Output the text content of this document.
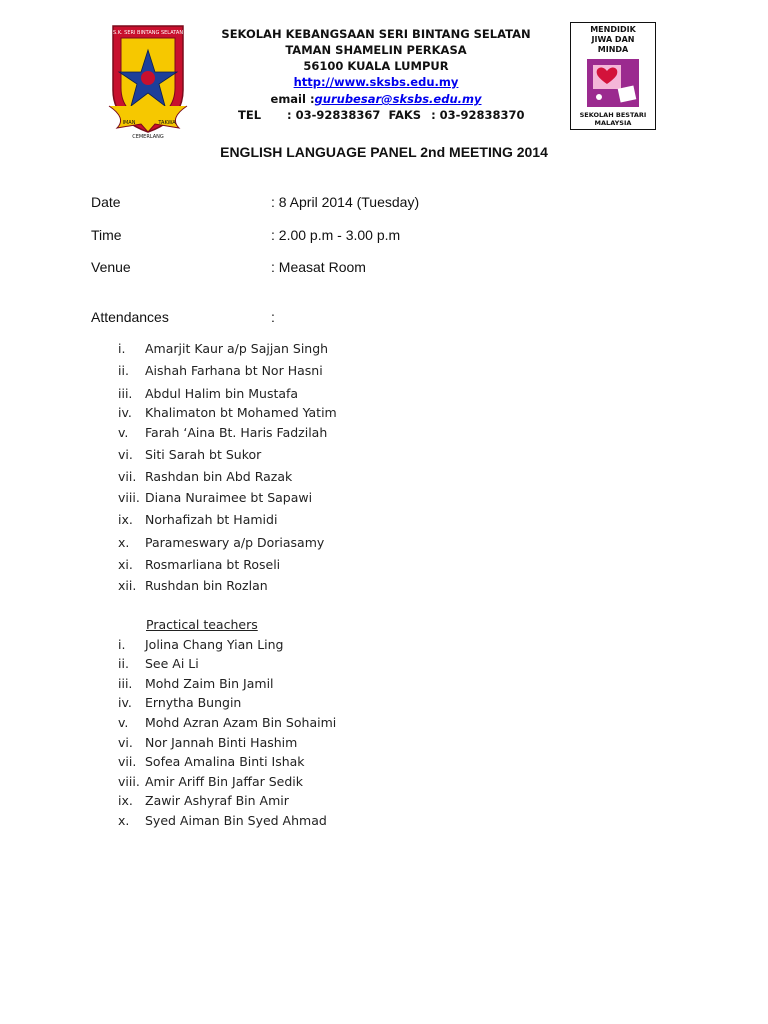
S.K. SERI BINTANG SELATAN
IMAN	TAKWA
CEMERLANG
SEKOLAH KEBANGSAAN SERI BINTANG SELATAN
TAMAN SHAMELIN PERKASA
56100 KUALA LUMPUR
http://www.sksbs.edu.my
email :gurubesar@sksbs.edu.my
TEL : 03-92838367 FAKS : 03-92838370
MENDIDIK
JIWA DAN
MINDA
SEKOLAH BESTARI
MALAYSIA
ENGLISH LANGUAGE PANEL 2nd MEETING 2014
Date	: 8 April 2014 (Tuesday)
Time	: 2.00 p.m - 3.00 p.m
Venue	: Measat Room
Attendances	:
i. Amarjit Kaur a/p Sajjan Singh
ii. Aishah Farhana bt Nor Hasni
iii. Abdul Halim bin Mustafa
iv. Khalimaton bt Mohamed Yatim
v. Farah ‘Aina Bt. Haris Fadzilah
vi. Siti Sarah bt Sukor
vii. Rashdan bin Abd Razak
viii. Diana Nuraimee bt Sapawi
ix. Norhafizah bt Hamidi
x. Parameswary a/p Doriasamy
xi. Rosmarliana bt Roseli
xii. Rushdan bin Rozlan
Practical teachers
i. Jolina Chang Yian Ling
ii. See Ai Li
iii. Mohd Zaim Bin Jamil
iv. Ernytha Bungin
v. Mohd Azran Azam Bin Sohaimi
vi. Nor Jannah Binti Hashim
vii. Sofea Amalina Binti Ishak
viii. Amir Ariff Bin Jaffar Sedik
ix. Zawir Ashyraf Bin Amir
x. Syed Aiman Bin Syed Ahmad
